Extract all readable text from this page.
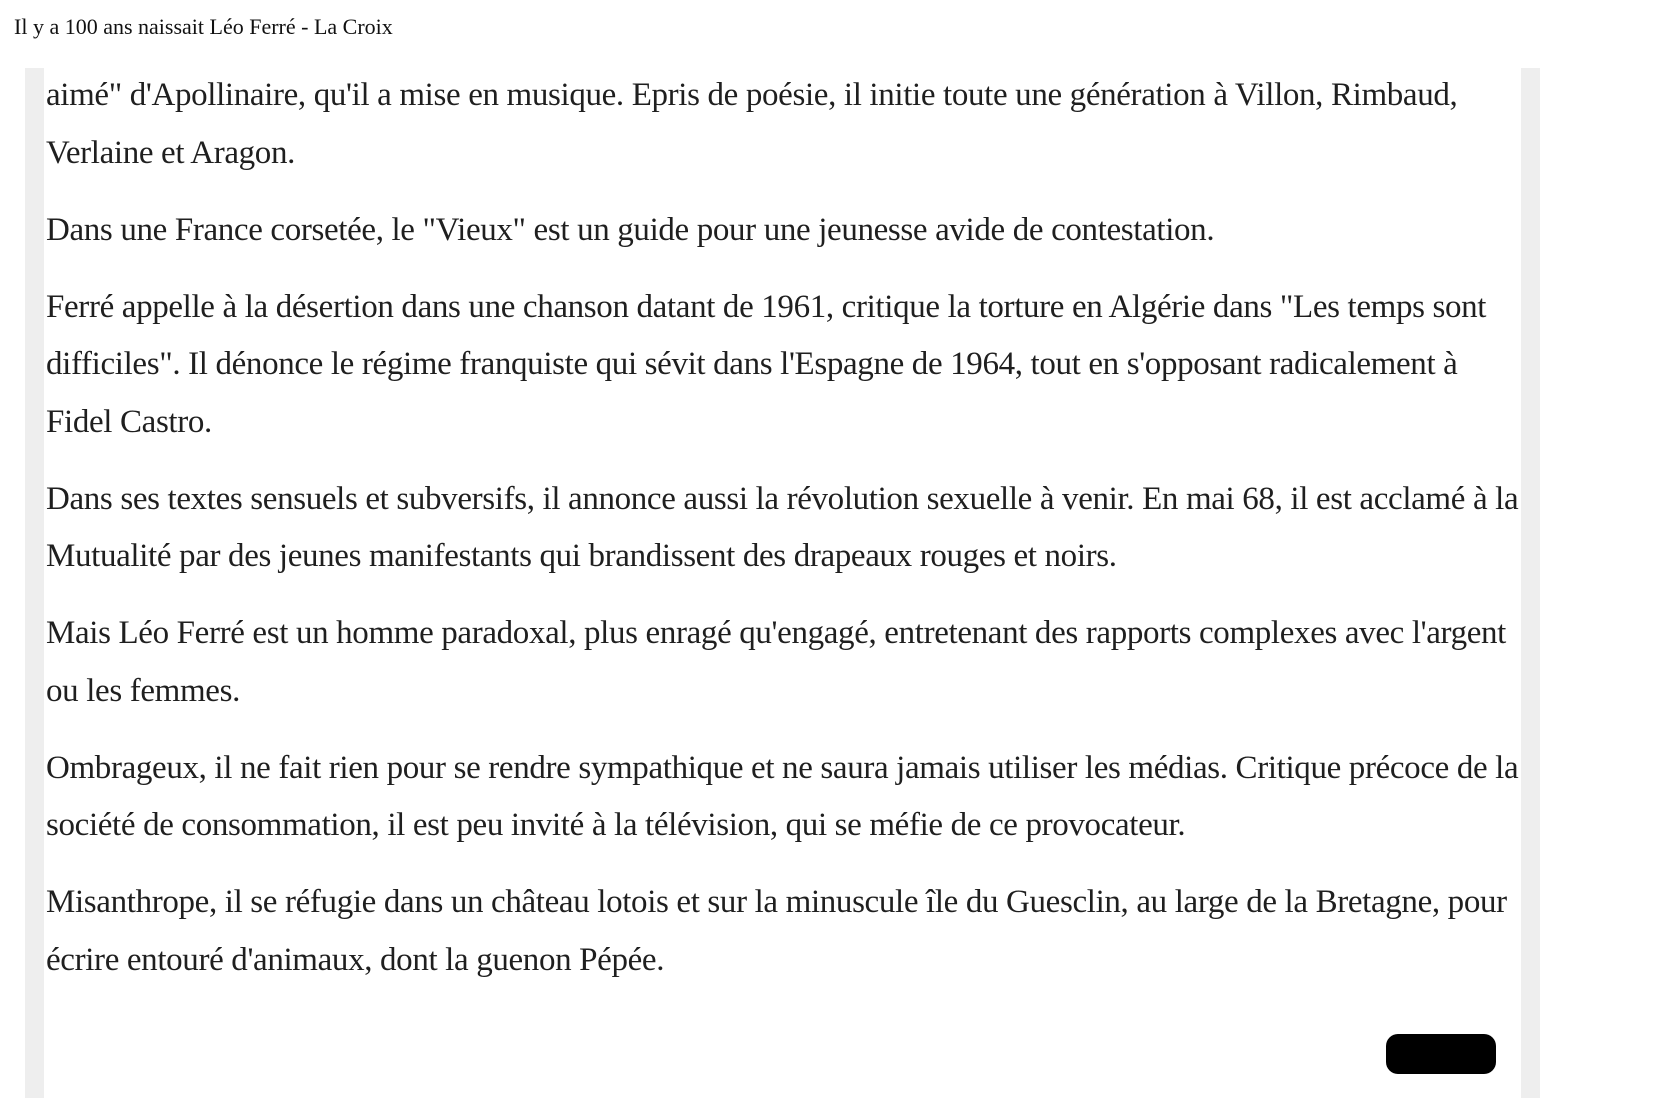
Il y a 100 ans naissait Léo Ferré - La Croix

aimé" d'Apollinaire, qu'il a mise en musique. Epris de poésie, il initie toute une génération à Villon, Rimbaud, Verlaine et Aragon.

Dans une France corsetée, le "Vieux" est un guide pour une jeunesse avide de contestation.

Ferré appelle à la désertion dans une chanson datant de 1961, critique la torture en Algérie dans "Les temps sont difficiles". Il dénonce le régime franquiste qui sévit dans l'Espagne de 1964, tout en s'opposant radicalement à Fidel Castro.

Dans ses textes sensuels et subversifs, il annonce aussi la révolution sexuelle à venir. En mai 68, il est acclamé à la Mutualité par des jeunes manifestants qui brandissent des drapeaux rouges et noirs.

Mais Léo Ferré est un homme paradoxal, plus enragé qu'engagé, entretenant des rapports complexes avec l'argent ou les femmes.

Ombrageux, il ne fait rien pour se rendre sympathique et ne saura jamais utiliser les médias. Critique précoce de la société de consommation, il est peu invité à la télévision, qui se méfie de ce provocateur.

Misanthrope, il se réfugie dans un château lotois et sur la minuscule île du Guesclin, au large de la Bretagne, pour écrire entouré d'animaux, dont la guenon Pépée.
